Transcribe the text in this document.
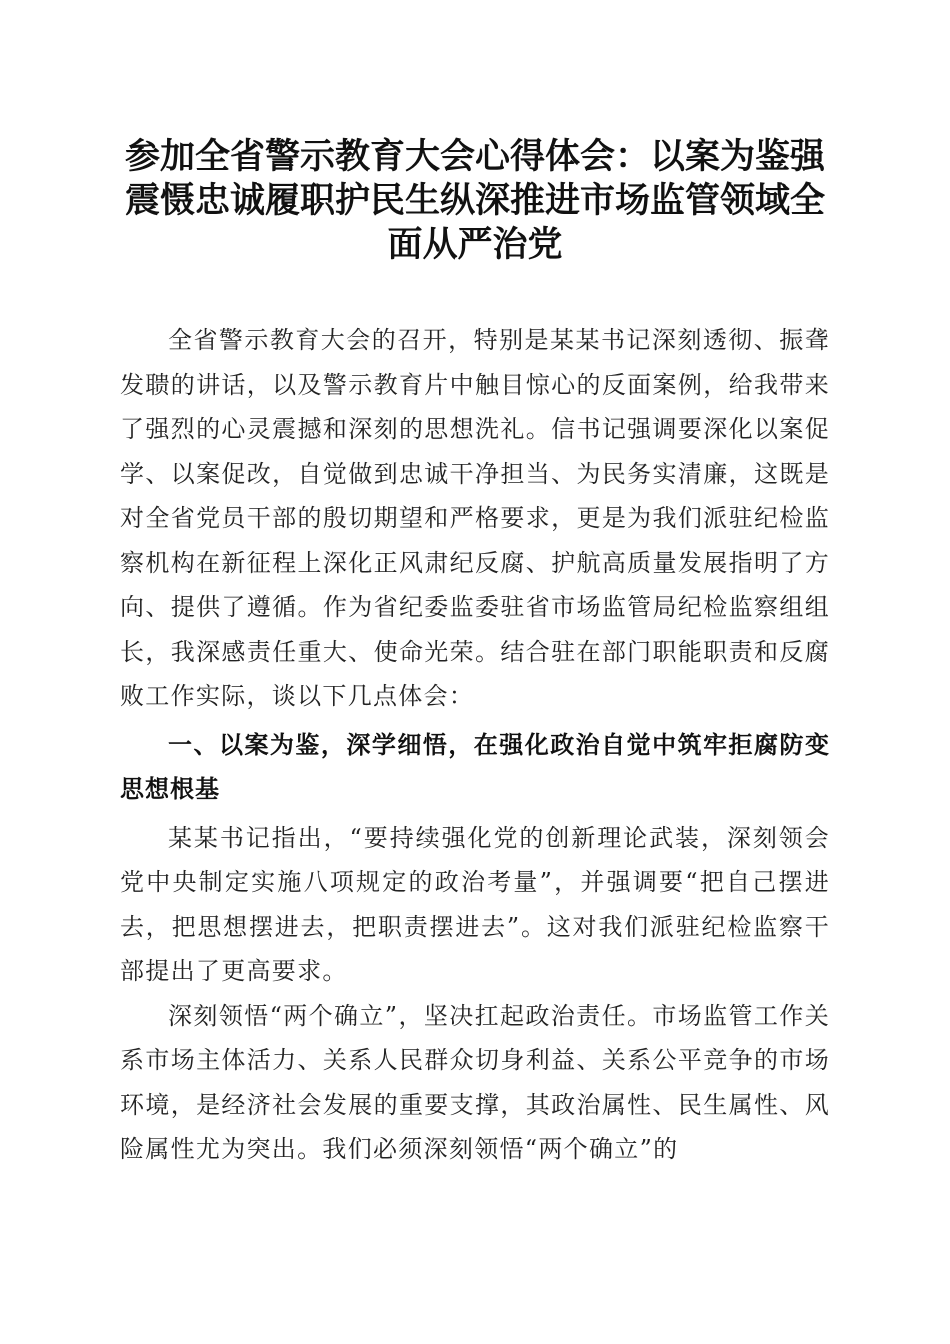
参加全省警示教育大会心得体会：以案为鉴强震慑忠诚履职护民生纵深推进市场监管领域全面从严治党

全省警示教育大会的召开，特别是某某书记深刻透彻、振聋发聩的讲话，以及警示教育片中触目惊心的反面案例，给我带来了强烈的心灵震撼和深刻的思想洗礼。信书记强调要深化以案促学、以案促改，自觉做到忠诚干净担当、为民务实清廉，这既是对全省党员干部的殷切期望和严格要求，更是为我们派驻纪检监察机构在新征程上深化正风肃纪反腐、护航高质量发展指明了方向、提供了遵循。作为省纪委监委驻省市场监管局纪检监察组组长，我深感责任重大、使命光荣。结合驻在部门职能职责和反腐败工作实际，谈以下几点体会：

一、以案为鉴，深学细悟，在强化政治自觉中筑牢拒腐防变思想根基

某某书记指出，“要持续强化党的创新理论武装，深刻领会党中央制定实施八项规定的政治考量”，并强调要“把自己摆进去，把思想摆进去，把职责摆进去”。这对我们派驻纪检监察干部提出了更高要求。

深刻领悟“两个确立”，坚决扛起政治责任。市场监管工作关系市场主体活力、关系人民群众切身利益、关系公平竞争的市场环境，是经济社会发展的重要支撑，其政治属性、民生属性、风险属性尤为突出。我们必须深刻领悟“两个确立”的
